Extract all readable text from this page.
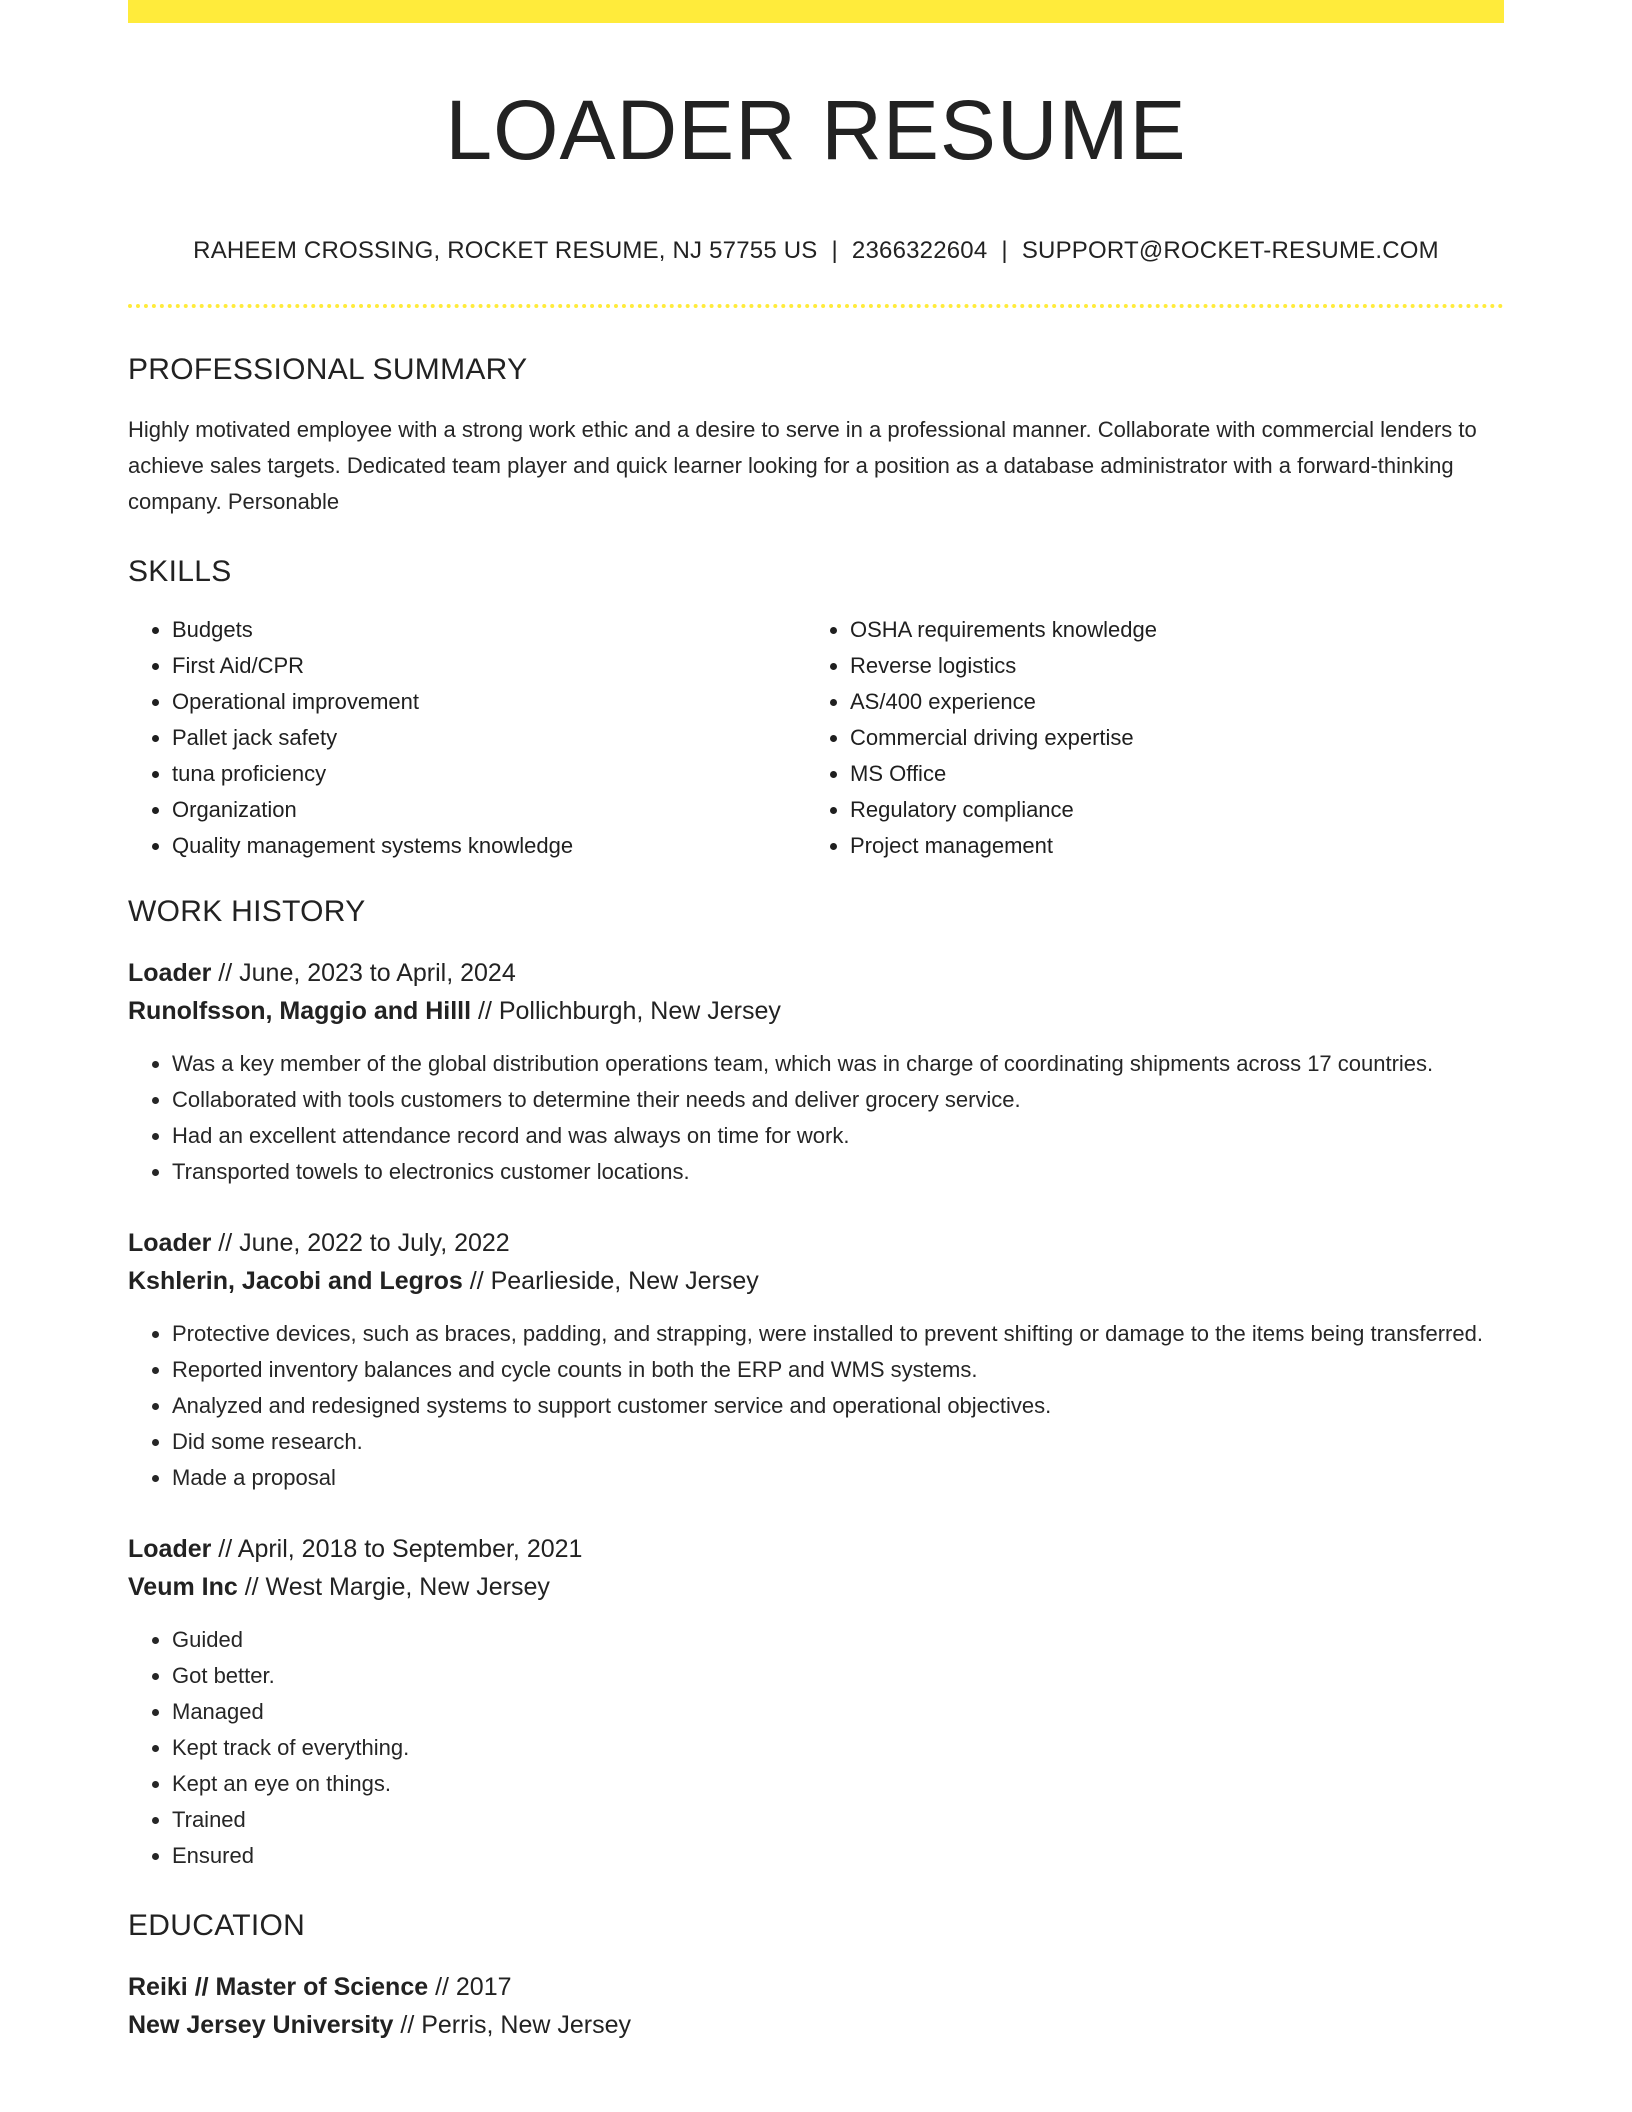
LOADER RESUME
RAHEEM CROSSING, ROCKET RESUME, NJ 57755 US | 2366322604 | SUPPORT@ROCKET-RESUME.COM
PROFESSIONAL SUMMARY
Highly motivated employee with a strong work ethic and a desire to serve in a professional manner. Collaborate with commercial lenders to achieve sales targets. Dedicated team player and quick learner looking for a position as a database administrator with a forward-thinking company. Personable
SKILLS
• Budgets
• First Aid/CPR
• Operational improvement
• Pallet jack safety
• tuna proficiency
• Organization
• Quality management systems knowledge
• OSHA requirements knowledge
• Reverse logistics
• AS/400 experience
• Commercial driving expertise
• MS Office
• Regulatory compliance
• Project management
WORK HISTORY
Loader // June, 2023 to April, 2024
Runolfsson, Maggio and Hilll // Pollichburgh, New Jersey
• Was a key member of the global distribution operations team, which was in charge of coordinating shipments across 17 countries.
• Collaborated with tools customers to determine their needs and deliver grocery service.
• Had an excellent attendance record and was always on time for work.
• Transported towels to electronics customer locations.
Loader // June, 2022 to July, 2022
Kshlerin, Jacobi and Legros // Pearlieside, New Jersey
• Protective devices, such as braces, padding, and strapping, were installed to prevent shifting or damage to the items being transferred.
• Reported inventory balances and cycle counts in both the ERP and WMS systems.
• Analyzed and redesigned systems to support customer service and operational objectives.
• Did some research.
• Made a proposal
Loader // April, 2018 to September, 2021
Veum Inc // West Margie, New Jersey
• Guided
• Got better.
• Managed
• Kept track of everything.
• Kept an eye on things.
• Trained
• Ensured
EDUCATION
Reiki // Master of Science // 2017
New Jersey University // Perris, New Jersey
